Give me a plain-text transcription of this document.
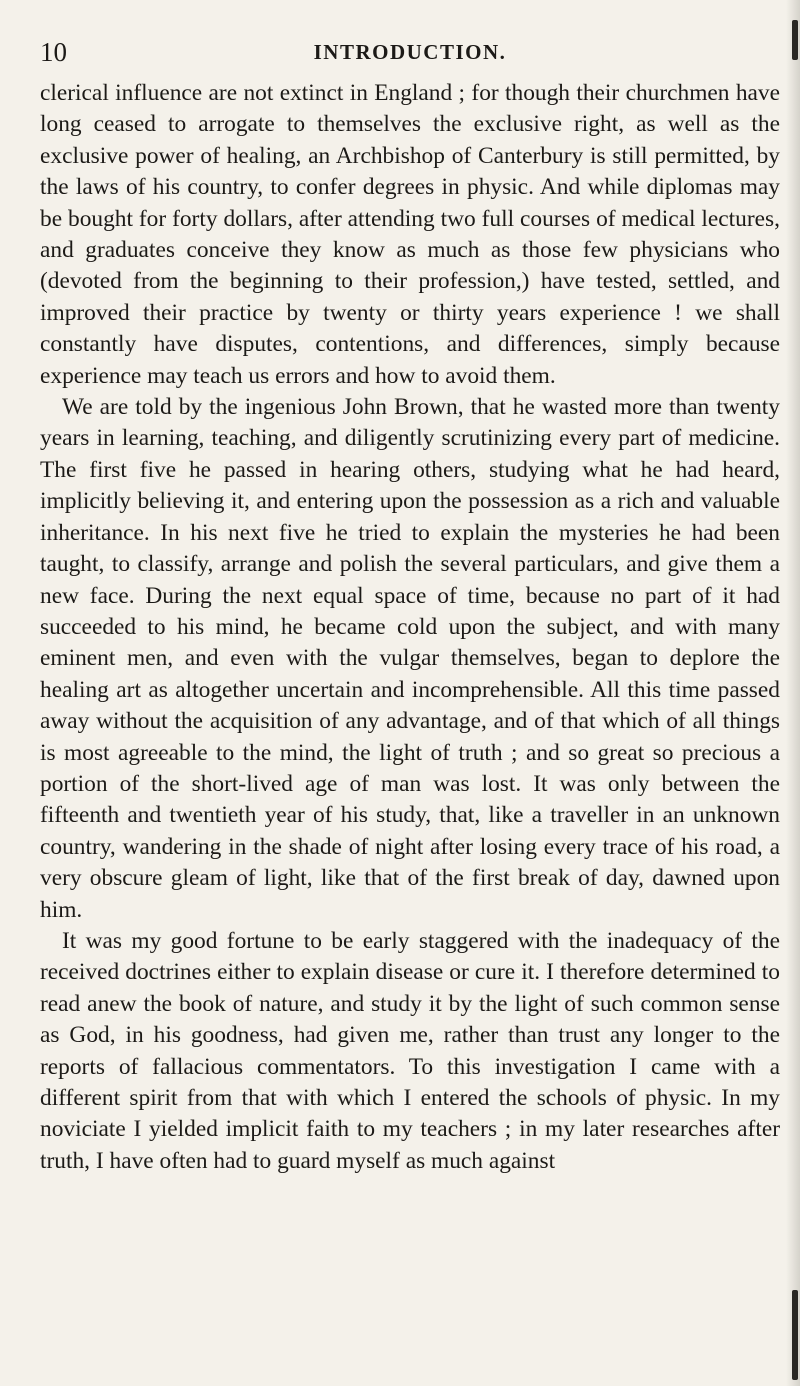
10	INTRODUCTION.

clerical influence are not extinct in England ; for though their churchmen have long ceased to arrogate to themselves the exclusive right, as well as the exclusive power of healing, an Archbishop of Canterbury is still permitted, by the laws of his country, to confer degrees in physic. And while diplomas may be bought for forty dollars, after attending two full courses of medical lectures, and graduates conceive they know as much as those few physicians who (devoted from the beginning to their profession,) have tested, settled, and improved their practice by twenty or thirty years experience ! we shall constantly have disputes, contentions, and differences, simply because experience may teach us errors and how to avoid them.

We are told by the ingenious John Brown, that he wasted more than twenty years in learning, teaching, and diligently scrutinizing every part of medicine. The first five he passed in hearing others, studying what he had heard, implicitly believing it, and entering upon the possession as a rich and valuable inheritance. In his next five he tried to explain the mysteries he had been taught, to classify, arrange and polish the several particulars, and give them a new face. During the next equal space of time, because no part of it had succeeded to his mind, he became cold upon the subject, and with many eminent men, and even with the vulgar themselves, began to deplore the healing art as altogether uncertain and incomprehensible. All this time passed away without the acquisition of any advantage, and of that which of all things is most agreeable to the mind, the light of truth ; and so great so precious a portion of the short-lived age of man was lost. It was only between the fifteenth and twentieth year of his study, that, like a traveller in an unknown country, wandering in the shade of night after losing every trace of his road, a very obscure gleam of light, like that of the first break of day, dawned upon him.

It was my good fortune to be early staggered with the inadequacy of the received doctrines either to explain disease or cure it. I therefore determined to read anew the book of nature, and study it by the light of such common sense as God, in his goodness, had given me, rather than trust any longer to the reports of fallacious commentators. To this investigation I came with a different spirit from that with which I entered the schools of physic. In my noviciate I yielded implicit faith to my teachers ; in my later researches after truth, I have often had to guard myself as much against
